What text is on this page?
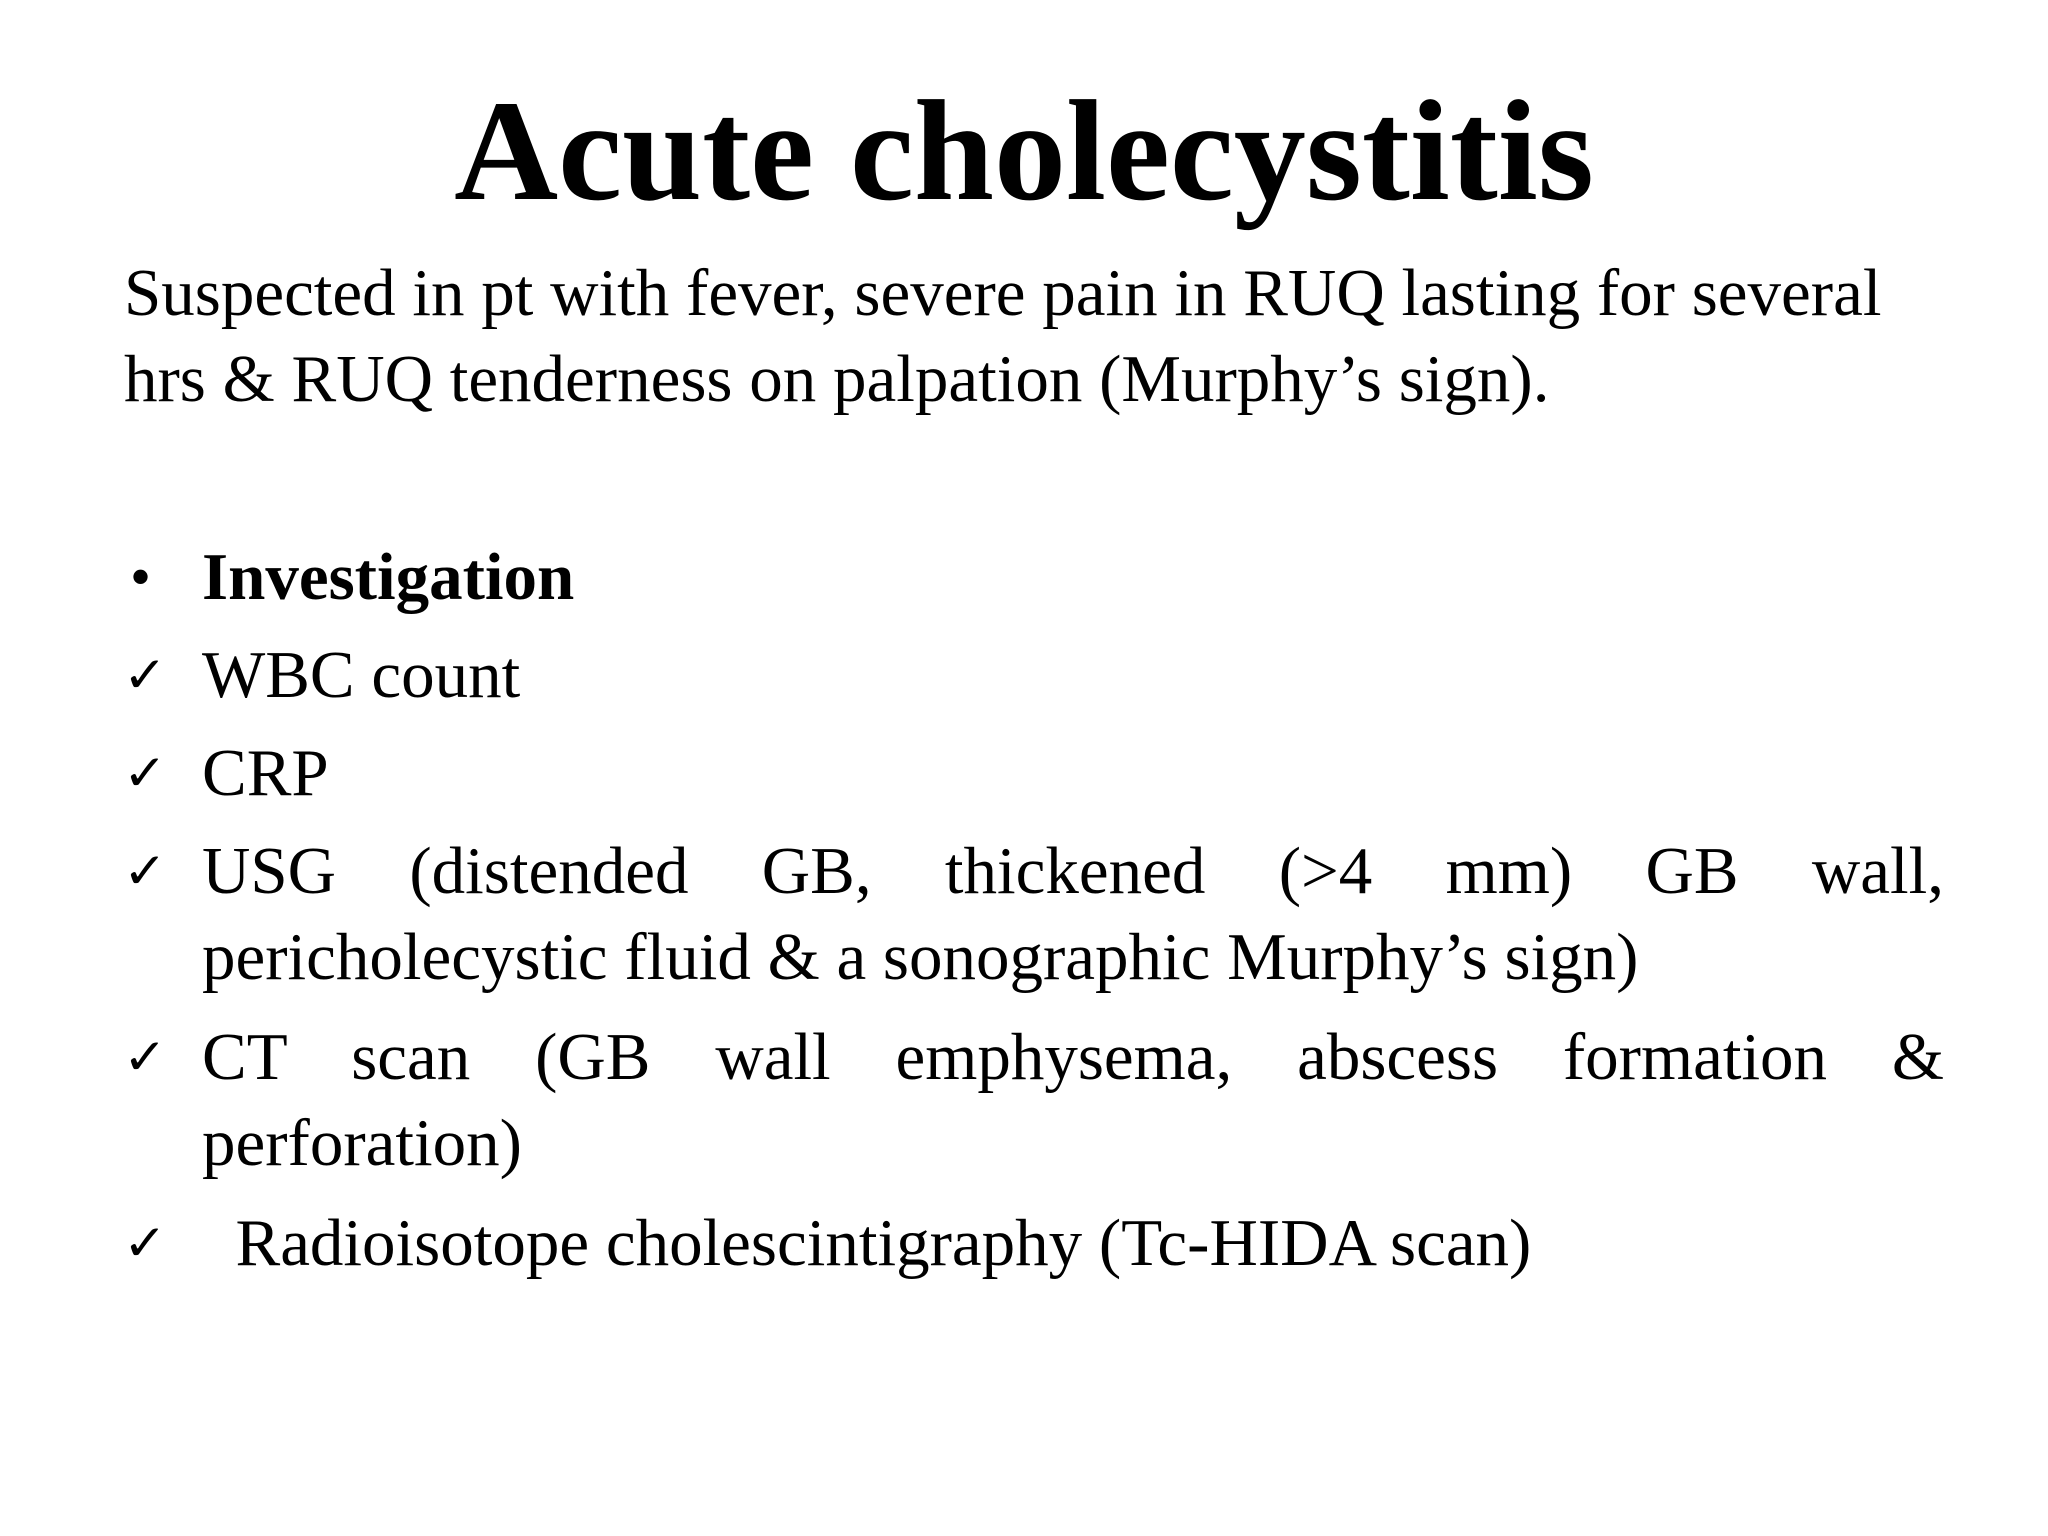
Acute cholecystitis
Suspected in pt with fever, severe pain in RUQ lasting for several hrs & RUQ tenderness on palpation (Murphy’s sign).
• Investigation
✓ WBC count
✓ CRP
✓ USG (distended GB, thickened (>4 mm) GB wall, pericholecystic fluid & a sonographic Murphy’s sign)
✓ CT scan (GB wall emphysema, abscess formation & perforation)
✓ Radioisotope cholescintigraphy (Tc-HIDA scan)
